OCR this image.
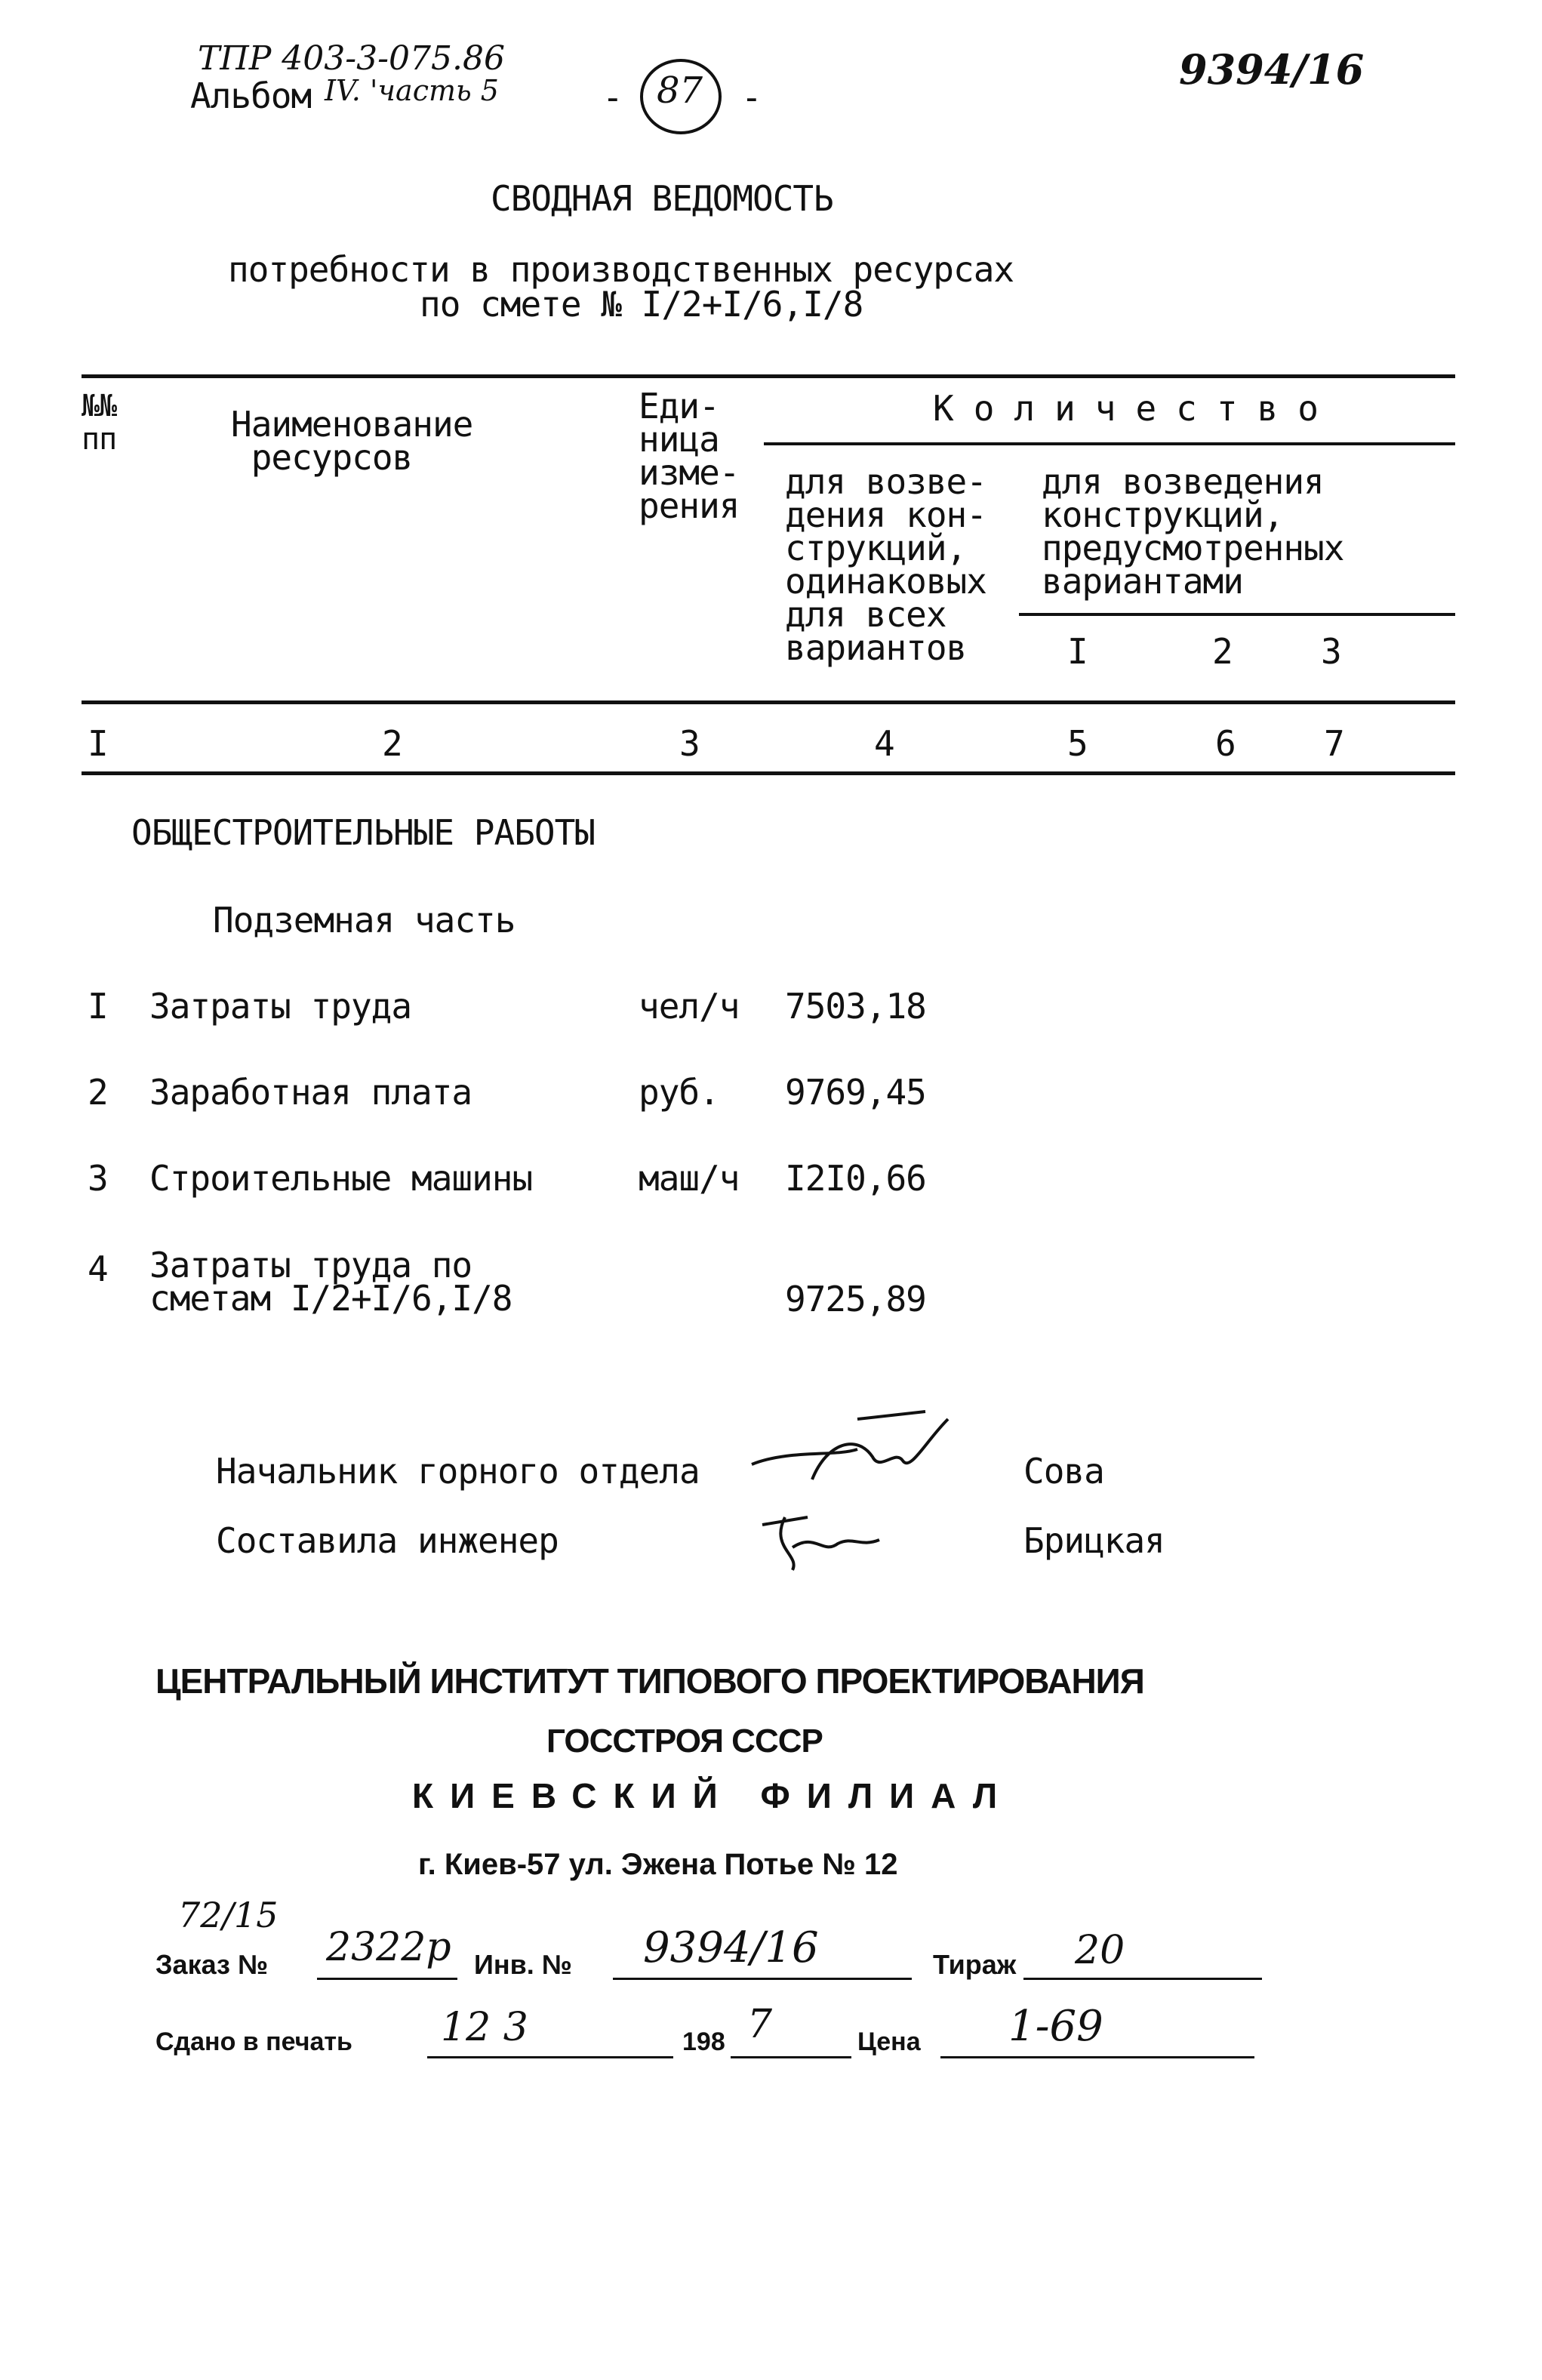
ТПР 403-3-075.86
Альбом IV. 'часть 5	- 87 -
9394/16
СВОДНАЯ ВЕДОМОСТЬ
потребности в производственных ресурсах
по смете № I/2+I/6,I/8
№№
пп	Наименование
ресурсов
Еди-
ница
изме-
рения
Количество
для возве-
дения кон-
струкций,
одинаковых
для всех
вариантов
для возведения
конструкций,
предусмотренных
вариантами
I	2	3
I	2	3	4	5	6	7
ОБЩЕСТРОИТЕЛЬНЫЕ РАБОТЫ
Подземная часть
I Затраты труда	чел/ч 7503,18
2 Заработная плата	руб. 9769,45
3 Строительные машины	маш/ч I2I0,66
4 Затраты труда по
сметам I/2+I/6,I/8	9725,89
Начальник горного отдела	Сова
Составила инженер	Брицкая
ЦЕНТРАЛЬНЫЙ ИНСТИТУТ ТИПОВОГО ПРОЕКТИРОВАНИЯ
ГОССТРОЯ СССР
КИЕВСКИЙ ФИЛИАЛ
г. Киев-57 ул. Эжена Потье № 12
72/15
Заказ № 2322р Инв. № 9394/16	Тираж 20
Сдано в печать 12 3	198 7	Цена 1-69
